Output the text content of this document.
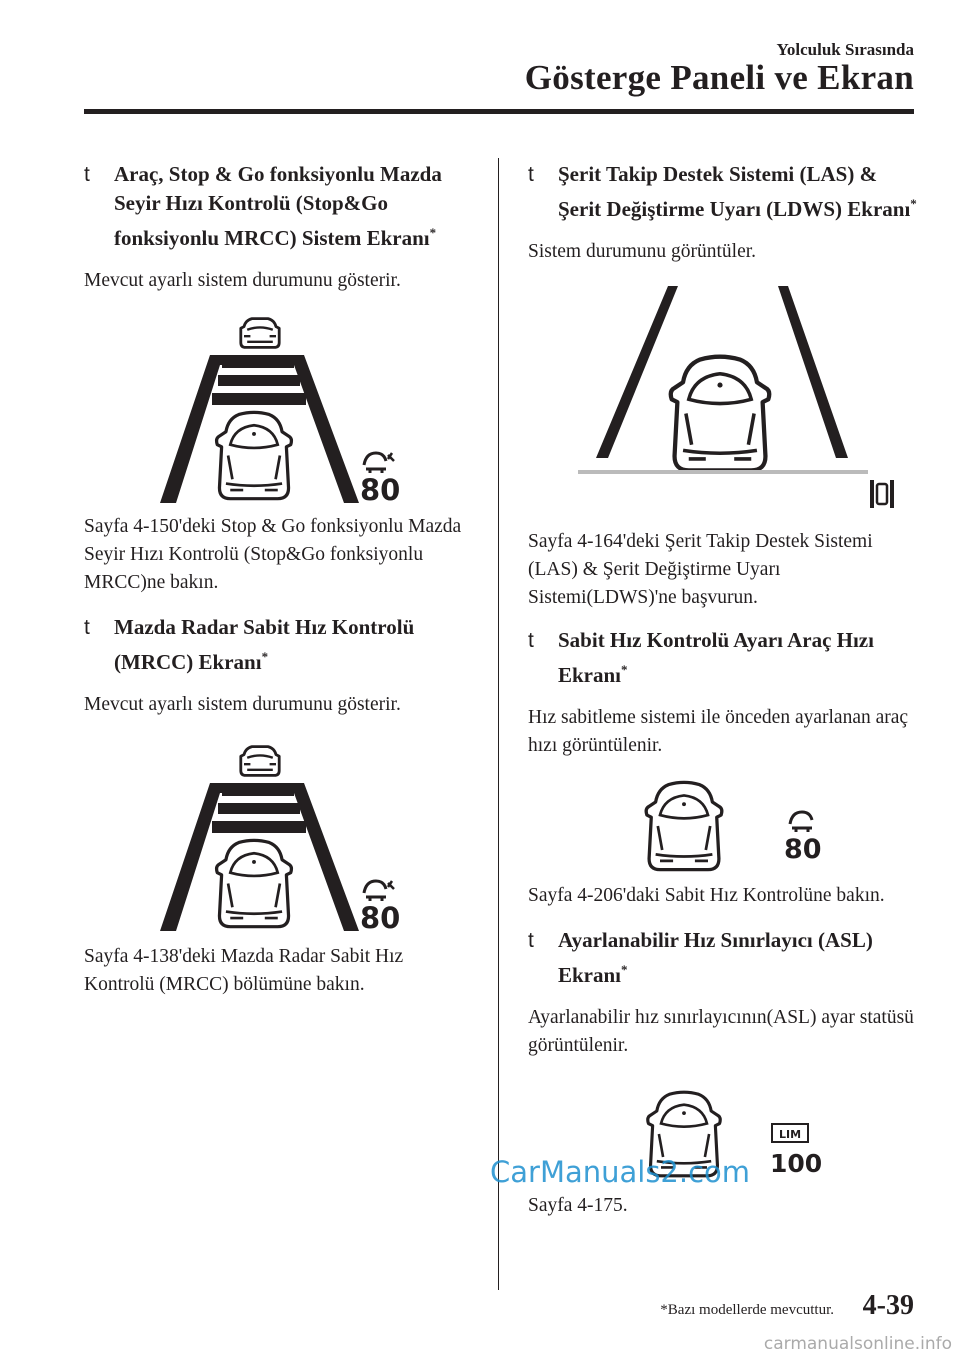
Yolculuk Sırasında
Gösterge Paneli ve Ekran
t Araç, Stop & Go fonksiyonlu Mazda Seyir Hızı Kontrolü (Stop&Go fonksiyonlu MRCC) Sistem Ekranı*
Mevcut ayarlı sistem durumunu gösterir.
80
Sayfa 4-150'deki Stop & Go fonksiyonlu Mazda Seyir Hızı Kontrolü (Stop&Go fonksiyonlu MRCC)ne bakın.
t Mazda Radar Sabit Hız Kontrolü (MRCC) Ekranı*
Mevcut ayarlı sistem durumunu gösterir.
80
Sayfa 4-138'deki Mazda Radar Sabit Hız Kontrolü (MRCC) bölümüne bakın.
t Şerit Takip Destek Sistemi (LAS) & Şerit Değiştirme Uyarı (LDWS) Ekranı*
Sistem durumunu görüntüler.
Sayfa 4-164'deki Şerit Takip Destek Sistemi (LAS) & Şerit Değiştirme Uyarı Sistemi(LDWS)'ne başvurun.
t Sabit Hız Kontrolü Ayarı Araç Hızı Ekranı*
Hız sabitleme sistemi ile önceden ayarlanan araç hızı görüntülenir.
80
Sayfa 4-206'daki Sabit Hız Kontrolüne bakın.
t Ayarlanabilir Hız Sınırlayıcı (ASL) Ekranı*
Ayarlanabilir hız sınırlayıcının(ASL) ayar statüsü görüntülenir.
LIM
100
Sayfa 4-175.
CarManuals2.com
*Bazı modellerde mevcuttur. 4-39
carmanualsonline.info
